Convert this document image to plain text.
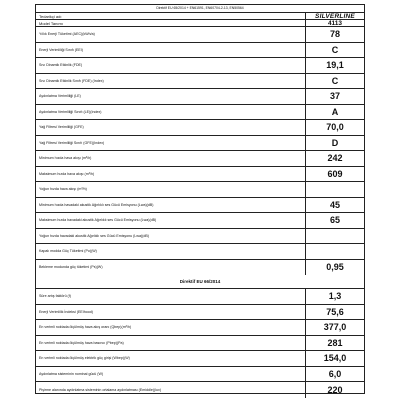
Direktif EU 65/2014 + EN61591, EN60704-2-13, EN50564
Tedarikçi adı	SILVERLINE
Model Tanımı	4113
Yıllık Enerji Tüketimi (AEC)(kWh/a)	78
Enerji Verimliliği Sınıfı (EEI)	C
Sıvı Dinamik Etkinlik (FDE)	19,1
Sıvı Dinamik Etkinlik Sınıfı (FDE) (Index)	C
Aydınlatma Verimliliği (LE)	37
Aydınlatma Verimliliği Sınıfı (LE)(Index)	A
Yağ Filtresi Verimliliği (GFE)	70,0
Yağ Filtresi Verimliliği Sınıfı (GFE)(Index)	D
Minimum hızda hava akışı (m³/h)	242
Maksimum hızda hava akışı (m³/h)	609
Yoğun hızda hava akışı (m³/h)
Minimum hızda havadaki akustik Ağırlıklı ses Gücü Emisyonu (Lwa)(dB)	45
Maksimum hızda havadaki akustik Ağırlıklı ses Gücü Emisyonu (Lwa)(dB)	65
Yoğun hızda havadaki akustik Ağırlıklı ses Gücü Emisyonu (Lwa)(dB)
Kapalı modda Güç Tüketimi (Po)(W)
Bekleme modunda güç tüketimi (Ps)(W)	0,95
Direktif EU 66/2014
Süre artış faktörü (f)	1,3
Enerji Verimlilik İndeksi (EEIhood)	75,6
En verimli noktada ölçülmüş hava akış oranı (Qbep)(m³/h)	377,0
En verimli noktada ölçülmüş hava basıncı (Pbep)(Pa)	281
En verimli noktada ölçülmüş elektrik güç girişi (Wbep)(W)	154,0
Aydınlatma sisteminin nominal gücü (W)	6,0
Pişirme alanında aydınlatma sisteminin ortalama aydınlatması (Emiddle)(lux)	220
